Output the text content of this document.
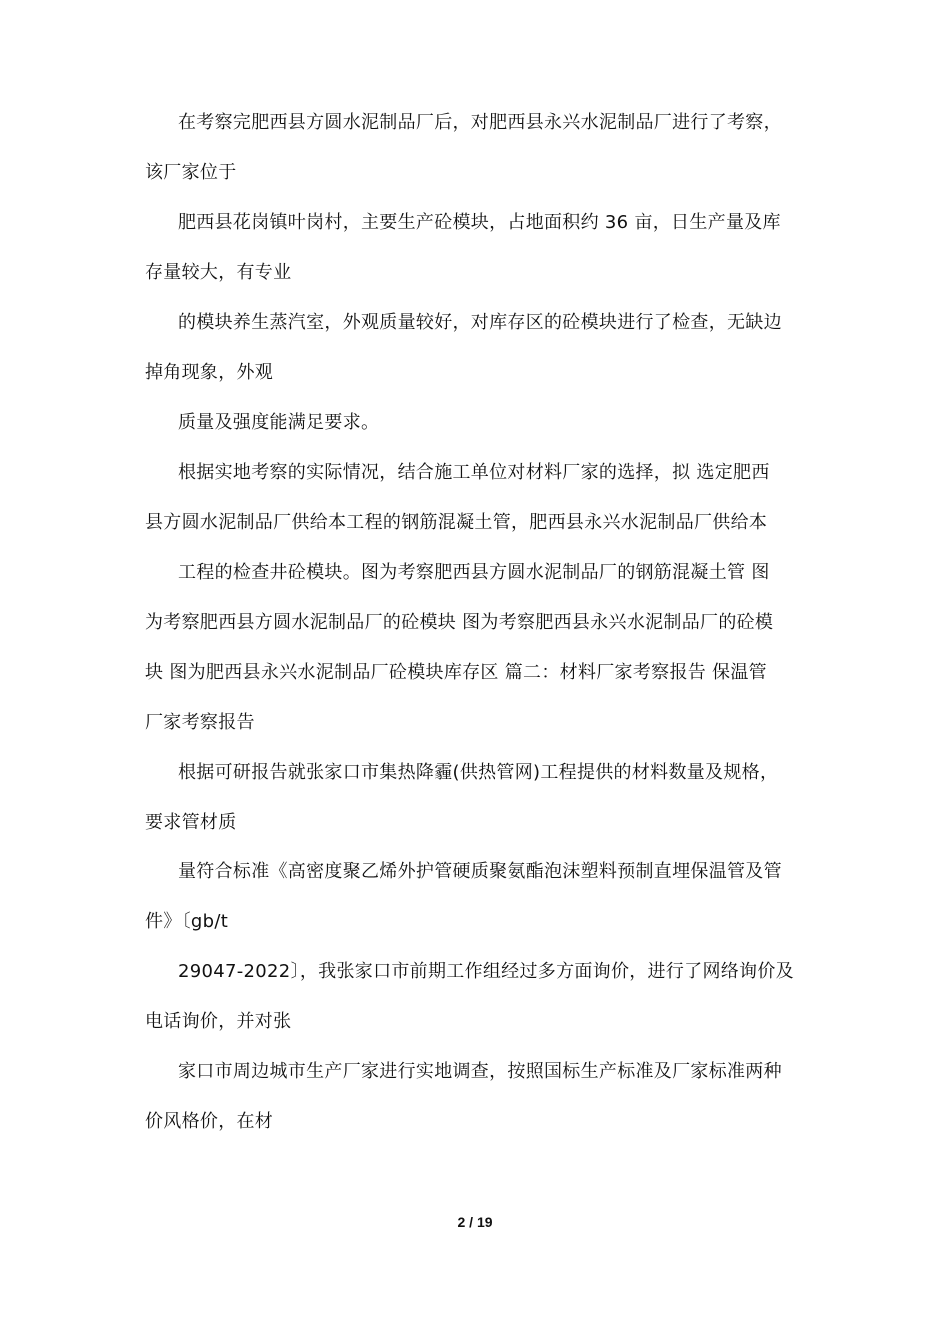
在考察完肥西县方圆水泥制品厂后，对肥西县永兴水泥制品厂进行了考察，
该厂家位于
肥西县花岗镇叶岗村，主要生产砼模块，占地面积约 36 亩，日生产量及库
存量较大，有专业
的模块养生蒸汽室，外观质量较好，对库存区的砼模块进行了检查，无缺边
掉角现象，外观
质量及强度能满足要求。
根据实地考察的实际情况，结合施工单位对材料厂家的选择，拟 选定肥西
县方圆水泥制品厂供给本工程的钢筋混凝土管，肥西县永兴水泥制品厂供给本
工程的检查井砼模块。图为考察肥西县方圆水泥制品厂的钢筋混凝土管 图
为考察肥西县方圆水泥制品厂的砼模块 图为考察肥西县永兴水泥制品厂的砼模
块 图为肥西县永兴水泥制品厂砼模块库存区 篇二：材料厂家考察报告 保温管
厂家考察报告
根据可研报告就张家口市集热降霾(供热管网)工程提供的材料数量及规格，
要求管材质
量符合标准《高密度聚乙烯外护管硬质聚氨酯泡沫塑料预制直埋保温管及管
件》〔gb/t
29047-2022〕，我张家口市前期工作组经过多方面询价，进行了网络询价及
电话询价，并对张
家口市周边城市生产厂家进行实地调查，按照国标生产标准及厂家标准两种
价风格价，在材
2 / 19
